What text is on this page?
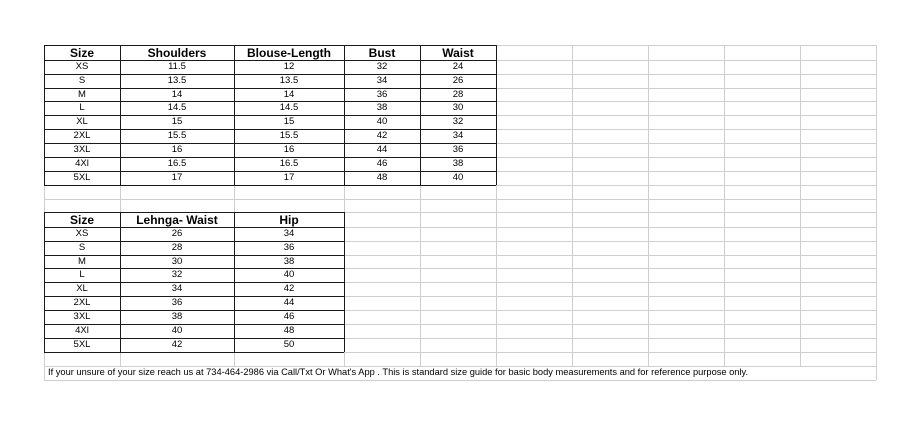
Size	Shoulders	Blouse-Length	Bust	Waist
XS	11.5	12	32	24
S	13.5	13.5	34	26
M	14	14	36	28
L	14.5	14.5	38	30
XL	15	15	40	32
2XL	15.5	15.5	42	34
3XL	16	16	44	36
4Xl	16.5	16.5	46	38
5XL	17	17	48	40
Size	Lehnga- Waist	Hip
XS	26	34
S	28	36
M	30	38
L	32	40
XL	34	42
2XL	36	44
3XL	38	46
4Xl	40	48
5XL	42	50
If your unsure of your size reach us at 734-464-2986 via Call/Txt Or What's App . This is standard size guide for basic body measurements and for reference purpose only.
